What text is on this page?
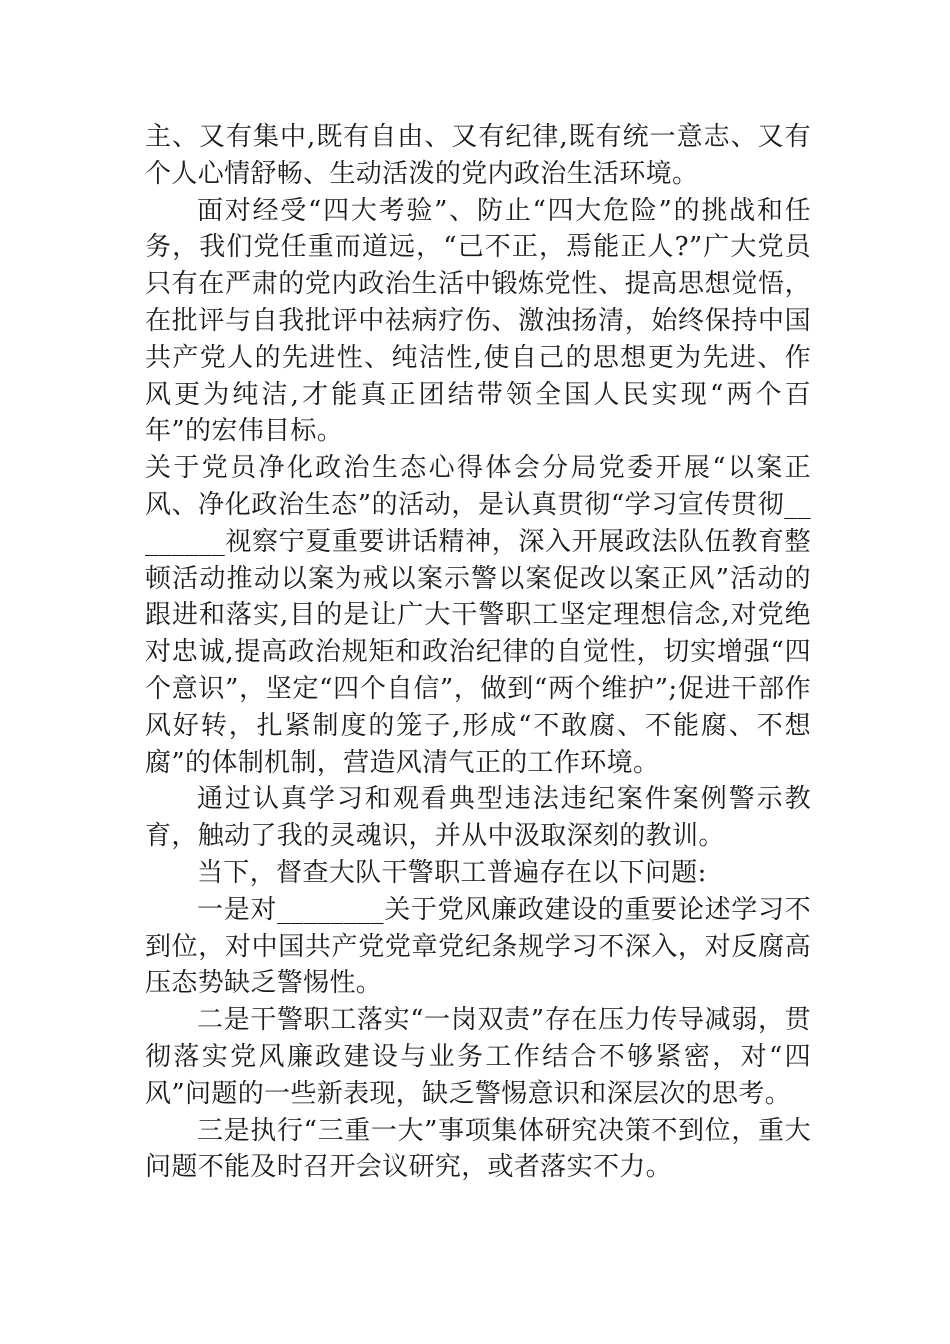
主、又有集中,既有自由、又有纪律,既有统一意志、又有个人心情舒畅、生动活泼的党内政治生活环境。

面对经受“四大考验”、防止“四大危险”的挑战和任务，我们党任重而道远，“己不正，焉能正人?”广大党员只有在严肃的党内政治生活中锻炼党性、提高思想觉悟，在批评与自我批评中祛病疗伤、激浊扬清，始终保持中国共产党人的先进性、纯洁性,使自己的思想更为先进、作风更为纯洁,才能真正团结带领全国人民实现“两个百年”的宏伟目标。

关于党员净化政治生态心得体会分局党委开展“以案正风、净化政治生态”的活动，是认真贯彻“学习宣传贯彻________视察宁夏重要讲话精神，深入开展政法队伍教育整顿活动推动以案为戒以案示警以案促改以案正风”活动的跟进和落实,目的是让广大干警职工坚定理想信念,对党绝对忠诚,提高政治规矩和政治纪律的自觉性，切实增强“四个意识”，坚定“四个自信”，做到“两个维护”;促进干部作风好转，扎紧制度的笼子,形成“不敢腐、不能腐、不想腐”的体制机制，营造风清气正的工作环境。

通过认真学习和观看典型违法违纪案件案例警示教育，触动了我的灵魂识，并从中汲取深刻的教训。

当下，督查大队干警职工普遍存在以下问题:

一是对________关于党风廉政建设的重要论述学习不到位，对中国共产党党章党纪条规学习不深入，对反腐高压态势缺乏警惕性。

二是干警职工落实“一岗双责”存在压力传导减弱，贯彻落实党风廉政建设与业务工作结合不够紧密，对“四风”问题的一些新表现，缺乏警惕意识和深层次的思考。

三是执行“三重一大”事项集体研究决策不到位，重大问题不能及时召开会议研究，或者落实不力。
